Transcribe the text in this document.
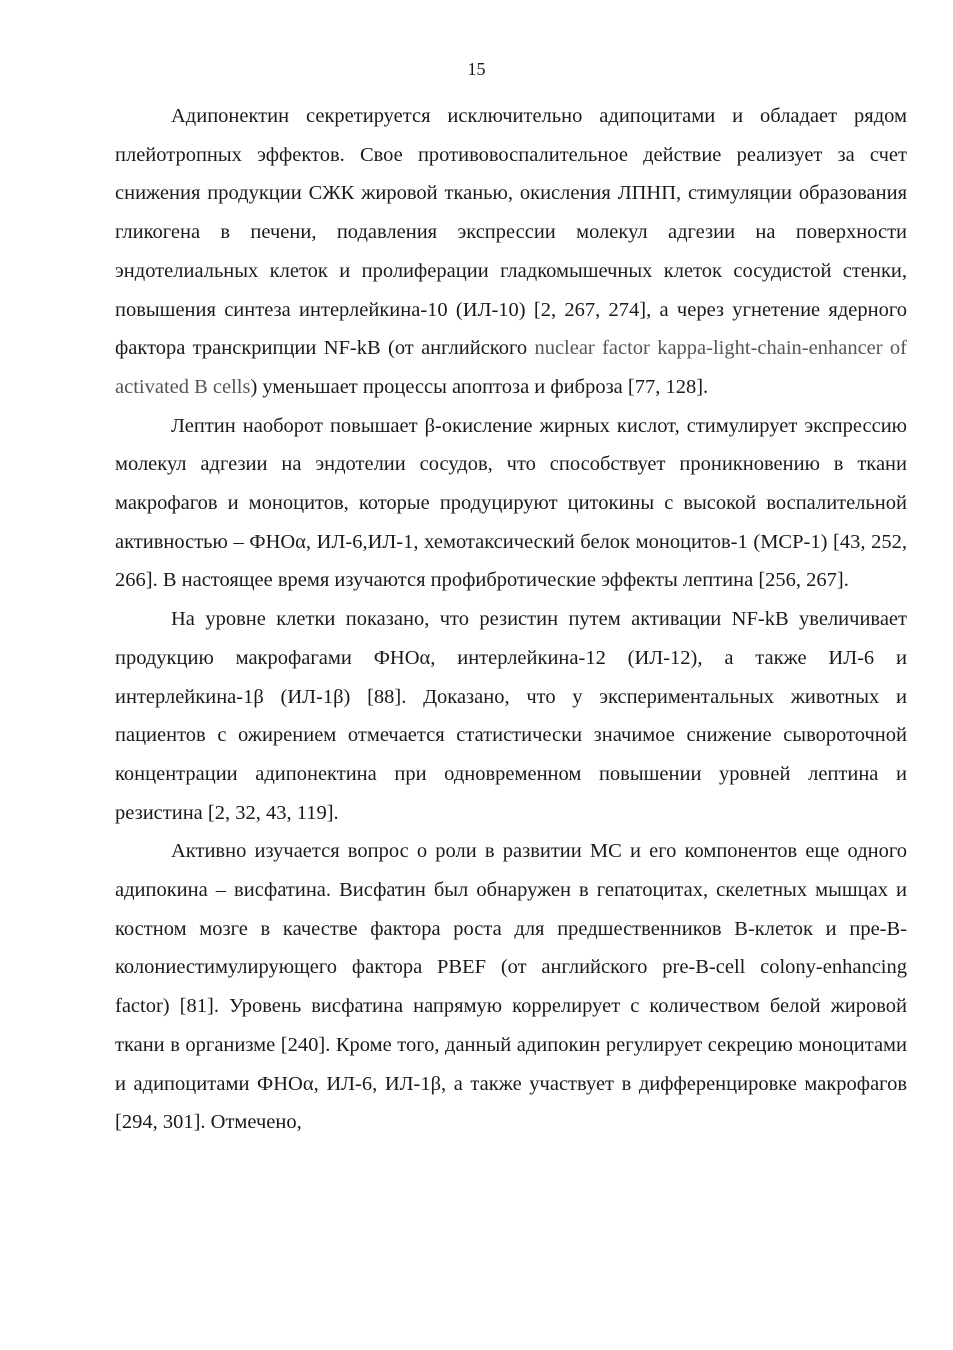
15

Адипонектин секретируется исключительно адипоцитами и обладает рядом плейотропных эффектов. Свое противовоспалительное действие реализует за счет снижения продукции СЖК жировой тканью, окисления ЛПНП, стимуляции образования гликогена в печени, подавления экспрессии молекул адгезии на поверхности эндотелиальных клеток и пролиферации гладкомышечных клеток сосудистой стенки, повышения синтеза интерлейкина-10 (ИЛ-10) [2, 267, 274], а через угнетение ядерного фактора транскрипции NF-kB (от английского nuclear factor kappa-light-chain-enhancer of activated B cells) уменьшает процессы апоптоза и фиброза [77, 128].

Лептин наоборот повышает β-окисление жирных кислот, стимулирует экспрессию молекул адгезии на эндотелии сосудов, что способствует проникновению в ткани макрофагов и моноцитов, которые продуцируют цитокины с высокой воспалительной активностью – ФНОα, ИЛ-6,ИЛ-1, хемотаксический белок моноцитов-1 (МСР-1) [43, 252, 266]. В настоящее время изучаются профибротические эффекты лептина [256, 267].

На уровне клетки показано, что резистин путем активации NF-kB увеличивает продукцию макрофагами ФНОα, интерлейкина-12 (ИЛ-12), а также ИЛ-6 и интерлейкина-1β (ИЛ-1β) [88]. Доказано, что у экспериментальных животных и пациентов с ожирением отмечается статистически значимое снижение сывороточной концентрации адипонектина при одновременном повышении уровней лептина и резистина [2, 32, 43, 119].

Активно изучается вопрос о роли в развитии МС и его компонентов еще одного адипокина – висфатина. Висфатин был обнаружен в гепатоцитах, скелетных мышцах и костном мозге в качестве фактора роста для предшественников В-клеток и пре-В-колониестимулирующего фактора PBEF (от английского pre-B-cell colony-enhancing factor) [81]. Уровень висфатина напрямую коррелирует с количеством белой жировой ткани в организме [240]. Кроме того, данный адипокин регулирует секрецию моноцитами и адипоцитами ФНОα, ИЛ-6, ИЛ-1β, а также участвует в дифференцировке макрофагов [294, 301]. Отмечено,
